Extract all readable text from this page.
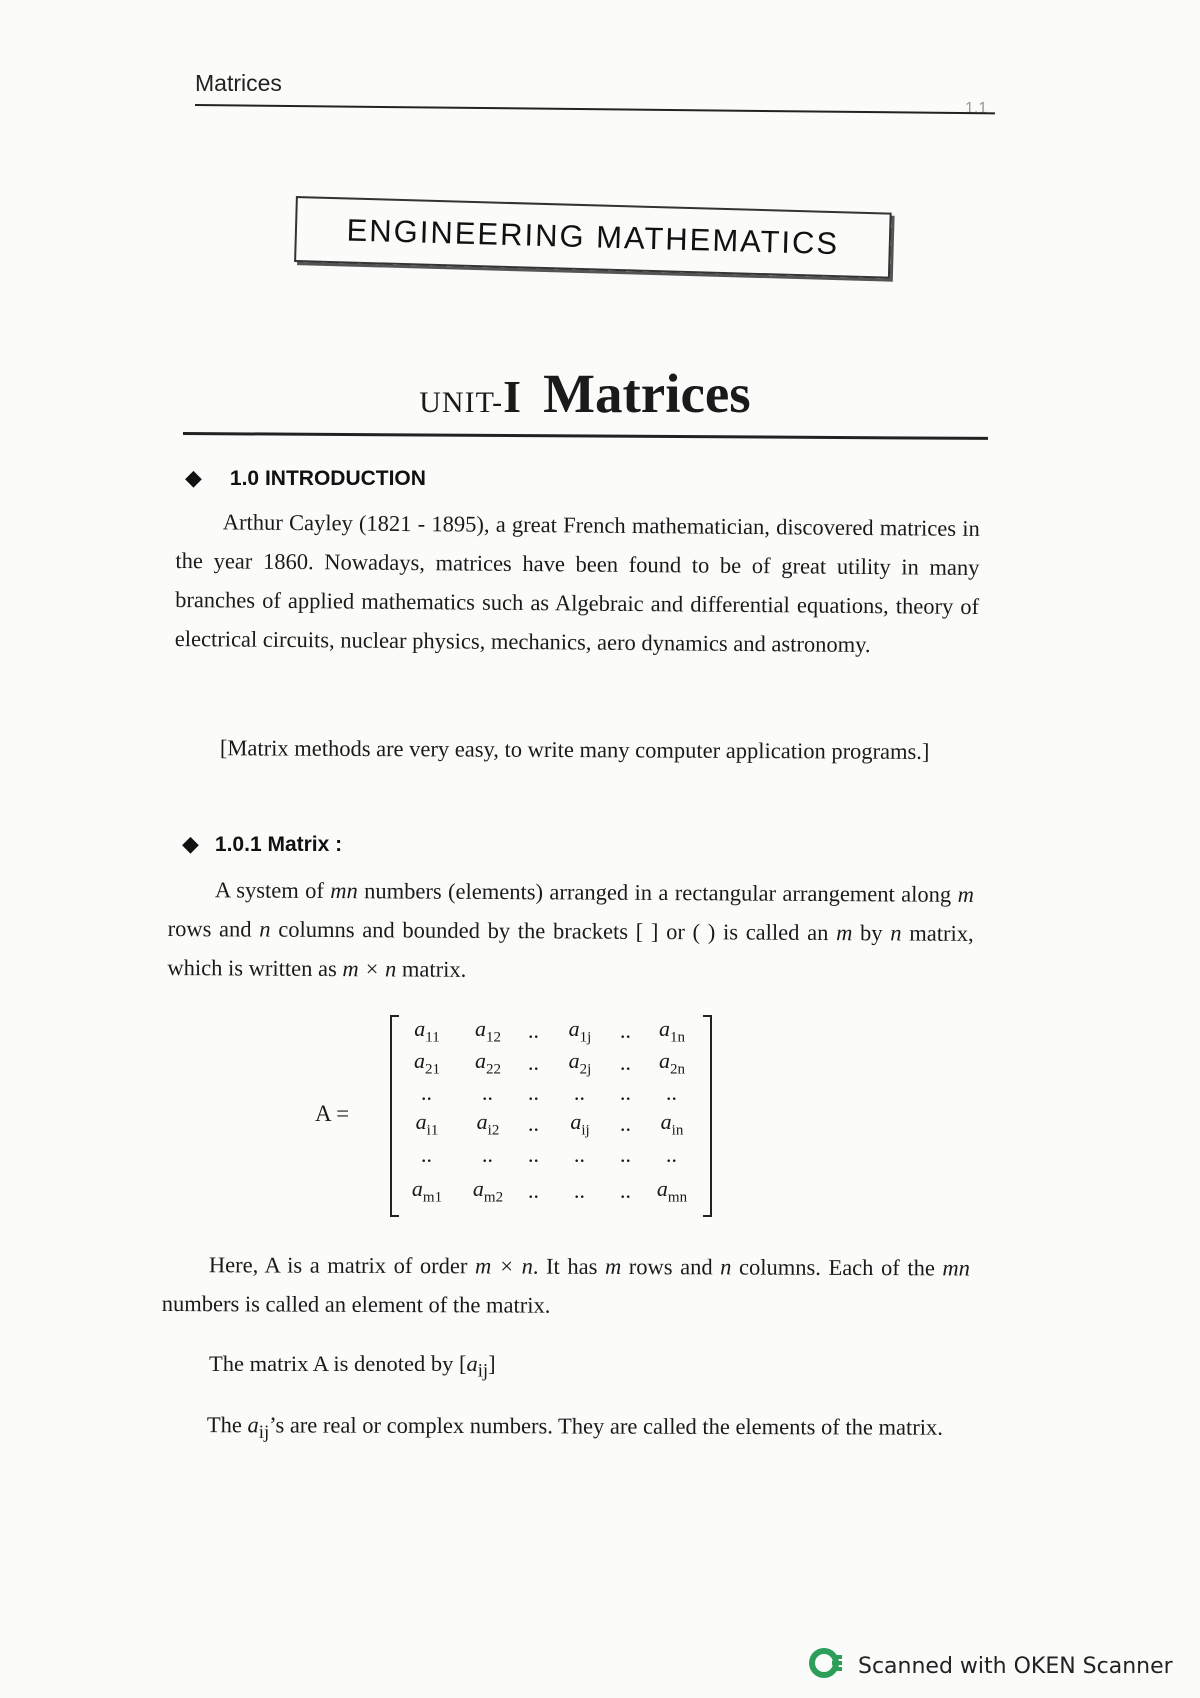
Matrices
1.1
ENGINEERING MATHEMATICS
UNIT-I Matrices
◆ 1.0 INTRODUCTION
Arthur Cayley (1821 - 1895), a great French mathematician, discovered matrices in the year 1860. Nowadays, matrices have been found to be of great utility in many branches of applied mathematics such as Algebraic and differential equations, theory of electrical circuits, nuclear physics, mechanics, aero dynamics and astronomy.
[Matrix methods are very easy, to write many computer application programs.]
◆ 1.0.1 Matrix :
A system of mn numbers (elements) arranged in a rectangular arrangement along m rows and n columns and bounded by the brackets [ ] or ( ) is called an m by n matrix, which is written as m × n matrix.
A =
$a_{11}$	$a_{12}$	..	$a_{1j}$	..	$a_{1n}$
$a_{21}$	$a_{22}$	..	$a_{2j}$	..	$a_{2n}$
..	..	..	..	..	..
$a_{i1}$	$a_{i2}$	..	$a_{ij}$	..	$a_{in}$
..	..	..	..	..	..
$a_{m1}$	$a_{m2}$	..	..	..	$a_{mn}$
Here, A is a matrix of order m × n. It has m rows and n columns. Each of the mn numbers is called an element of the matrix.
The matrix A is denoted by $[a_{ij}]$
The $a_{ij}’s$ are real or complex numbers. They are called the elements of the matrix.
Scanned with OKEN Scanner
